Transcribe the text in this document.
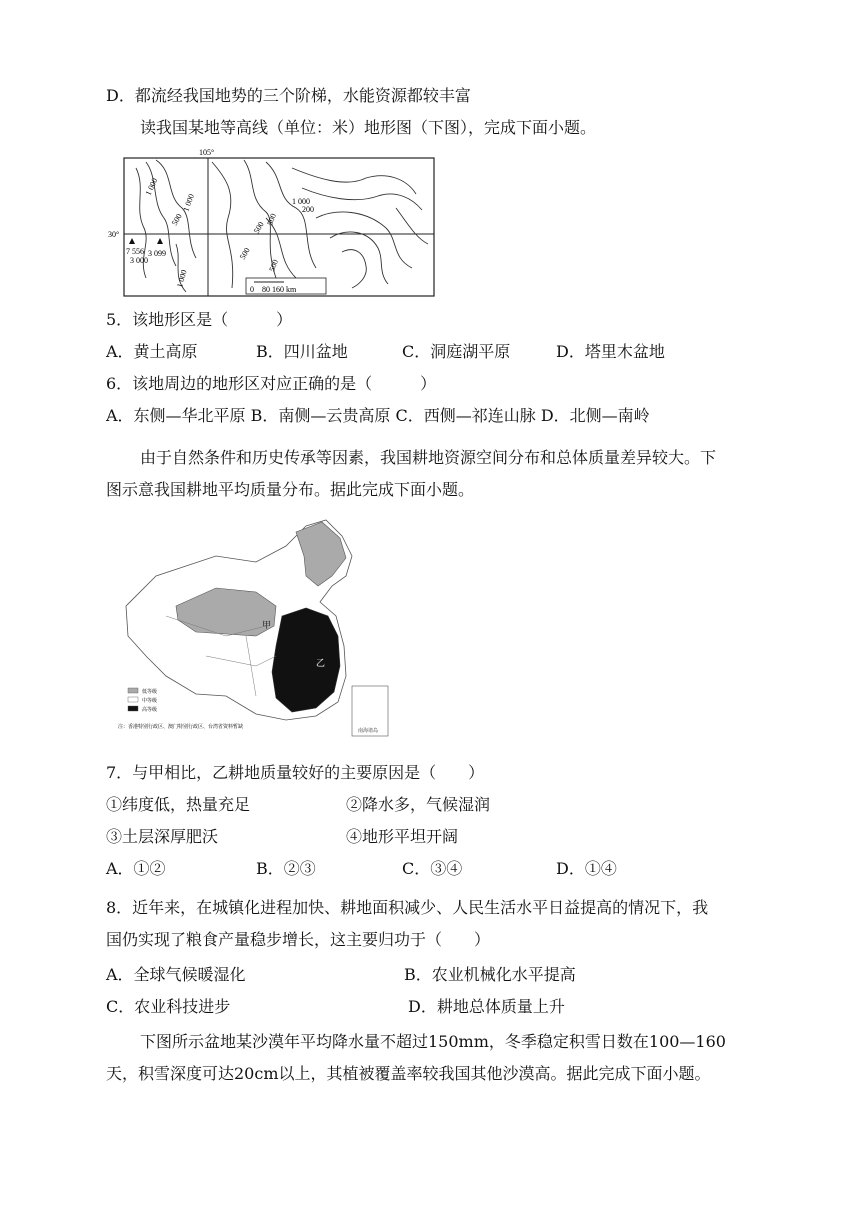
D．都流经我国地势的三个阶梯，水能资源都较丰富
读我国某地等高线（单位：米）地形图（下图），完成下面小题。
105°
30°
1 000
1 000
500
500
1 000
200
500
500
500
1 000
7 556
3 000
3 099
0　80 160 km
5．该地形区是（　　　）
A．黄土高原	B．四川盆地	C．洞庭湖平原	D．塔里木盆地
6．该地周边的地形区对应正确的是（　　　）
A．东侧—华北平原 B．南侧—云贵高原 C．西侧—祁连山脉 D．北侧—南岭
由于自然条件和历史传承等因素，我国耕地资源空间分布和总体质量差异较大。下
图示意我国耕地平均质量分布。据此完成下面小题。
甲
乙
南海诸岛
低等级
中等级
高等级
注：香港特别行政区、澳门特别行政区、台湾省资料暂缺
7．与甲相比，乙耕地质量较好的主要原因是（　　）
①纬度低，热量充足	②降水多，气候湿润
③土层深厚肥沃	④地形平坦开阔
A．①②	B．②③	C．③④	D．①④
8．近年来，在城镇化进程加快、耕地面积减少、人民生活水平日益提高的情况下，我
国仍实现了粮食产量稳步增长，这主要归功于（　　）
A．全球气候暖湿化	B．农业机械化水平提高
C．农业科技进步	D．耕地总体质量上升
下图所示盆地某沙漠年平均降水量不超过150mm，冬季稳定积雪日数在100—160
天，积雪深度可达20cm以上，其植被覆盖率较我国其他沙漠高。据此完成下面小题。
